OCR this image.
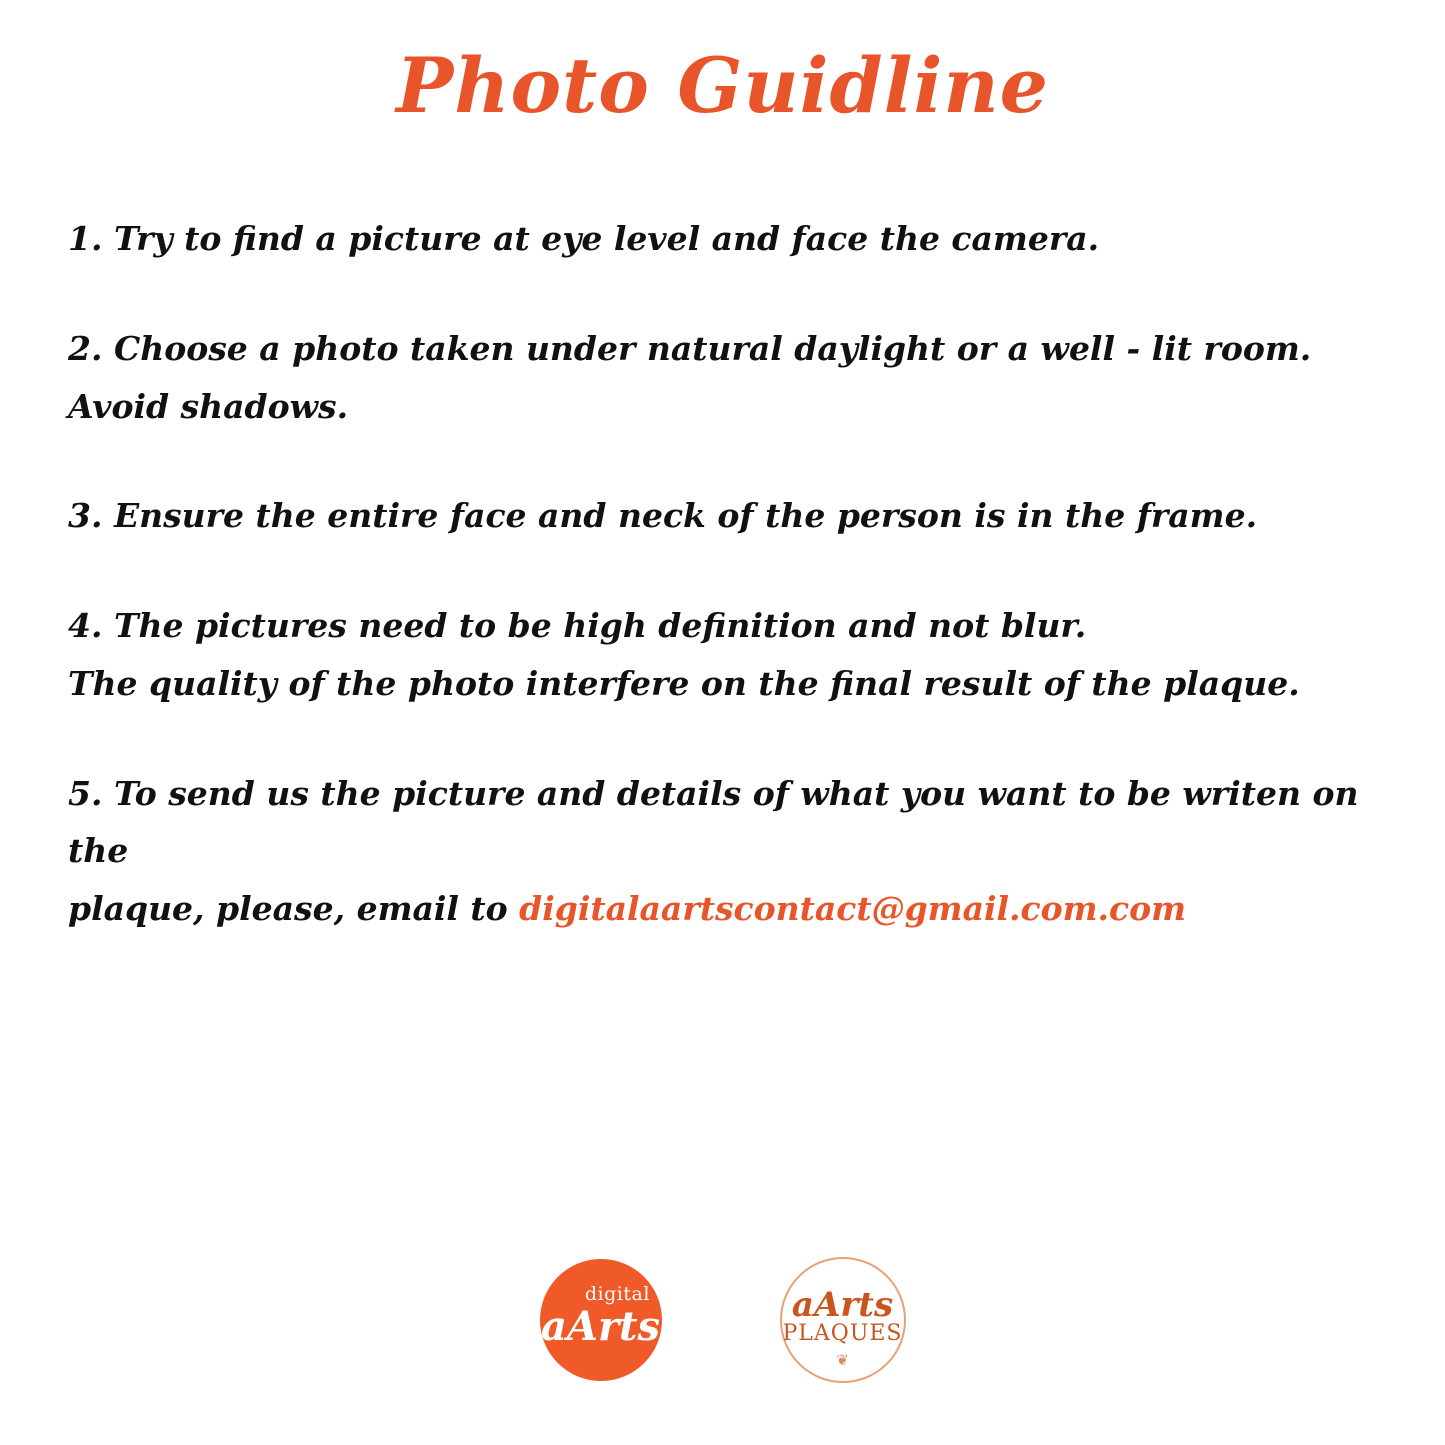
Photo Guidline
1. Try to find a picture at eye level and face the camera.
2. Choose a photo taken under natural daylight or a well - lit room.
Avoid shadows.
3. Ensure the entire face and neck of the person is in the frame.
4. The pictures need to be high definition and not blur.
The quality of the photo interfere on the final result of the plaque.
5. To send us the picture and details of what you want to be writen on the
plaque, please, email to digitalaartscontact@gmail.com.com
digital
aArts	aArts
PLAQUES
❦
